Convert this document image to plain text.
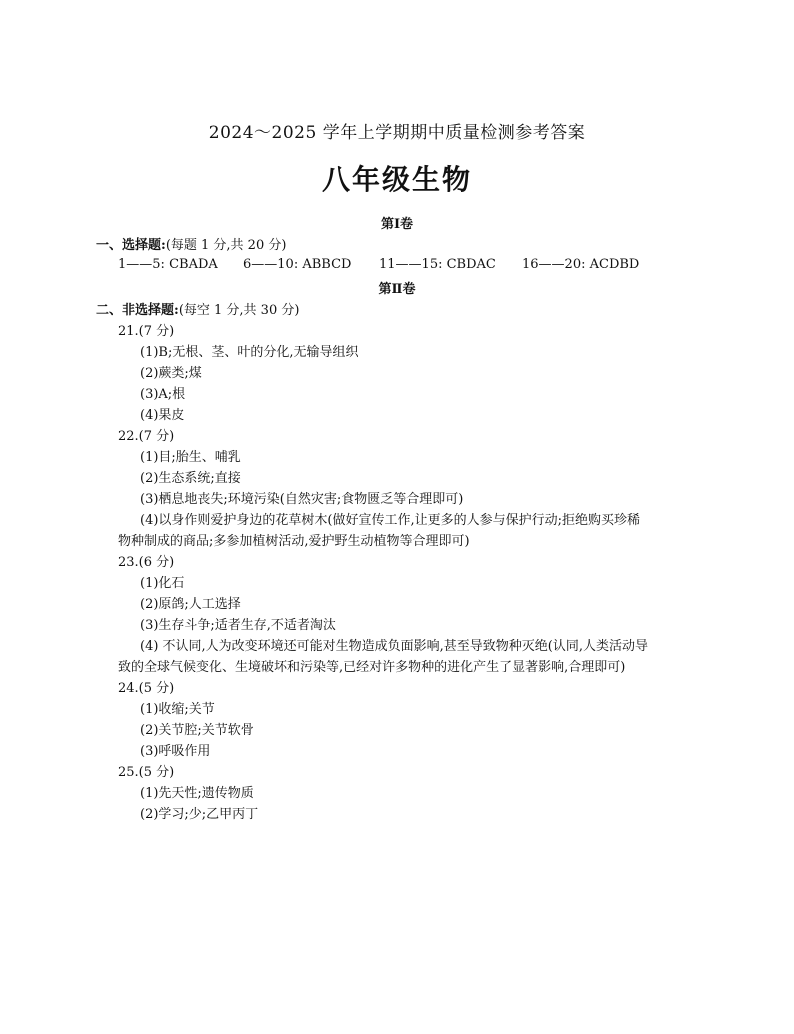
2024～2025 学年上学期期中质量检测参考答案
八年级生物
第Ⅰ卷
一、选择题:(每题 1 分,共 20 分)
1——5: CBADA 6——10: ABBCD 11——15: CBDAC 16——20: ACDBD
第Ⅱ卷
二、非选择题:(每空 1 分,共 30 分)
21.(7 分)
(1)B;无根、茎、叶的分化,无输导组织
(2)蕨类;煤
(3)A;根
(4)果皮
22.(7 分)
(1)目;胎生、哺乳
(2)生态系统;直接
(3)栖息地丧失;环境污染(自然灾害;食物匮乏等合理即可)
(4)以身作则爱护身边的花草树木(做好宣传工作,让更多的人参与保护行动;拒绝购买珍稀
物种制成的商品;多参加植树活动,爱护野生动植物等合理即可)
23.(6 分)
(1)化石
(2)原鸽;人工选择
(3)生存斗争;适者生存,不适者淘汰
(4) 不认同,人为改变环境还可能对生物造成负面影响,甚至导致物种灭绝(认同,人类活动导
致的全球气候变化、生境破坏和污染等,已经对许多物种的进化产生了显著影响,合理即可)
24.(5 分)
(1)收缩;关节
(2)关节腔;关节软骨
(3)呼吸作用
25.(5 分)
(1)先天性;遗传物质
(2)学习;少;乙甲丙丁
